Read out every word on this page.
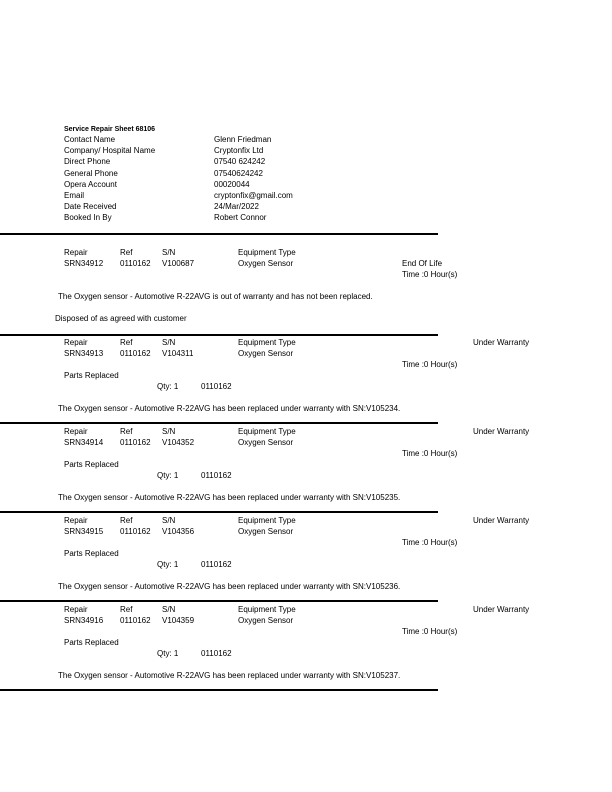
Service Repair Sheet 68106
Contact Name	Glenn Friedman
Company/ Hospital Name	Cryptonfix Ltd
Direct Phone	07540 624242
General Phone	07540624242
Opera Account	00020044
Email	cryptonfix@gmail.com
Date Received	24/Mar/2022
Booked In By	Robert Connor
Repair	Ref	S/N	Equipment Type
SRN34912 0110162 V100687	Oxygen Sensor	End Of Life
Time :0 Hour(s)
The Oxygen sensor - Automotive R-22AVG is out of warranty and has not been replaced.
Disposed of as agreed with customer
Repair	Ref	S/N	Equipment Type
SRN34913 0110162 V104311	Oxygen Sensor
Under Warranty
Time :0 Hour(s)
Parts Replaced
Qty: 1	0110162
The Oxygen sensor - Automotive R-22AVG has been replaced under warranty with SN:V105234.
Repair	Ref	S/N	Equipment Type
SRN34914 0110162 V104352	Oxygen Sensor
Under Warranty
Time :0 Hour(s)
Parts Replaced
Qty: 1	0110162
The Oxygen sensor - Automotive R-22AVG has been replaced under warranty with SN:V105235.
Repair	Ref	S/N	Equipment Type
SRN34915 0110162 V104356	Oxygen Sensor
Under Warranty
Time :0 Hour(s)
Parts Replaced
Qty: 1	0110162
The Oxygen sensor - Automotive R-22AVG has been replaced under warranty with SN:V105236.
Repair	Ref	S/N	Equipment Type
SRN34916 0110162 V104359	Oxygen Sensor
Under Warranty
Time :0 Hour(s)
Parts Replaced
Qty: 1	0110162
The Oxygen sensor - Automotive R-22AVG has been replaced under warranty with SN:V105237.
